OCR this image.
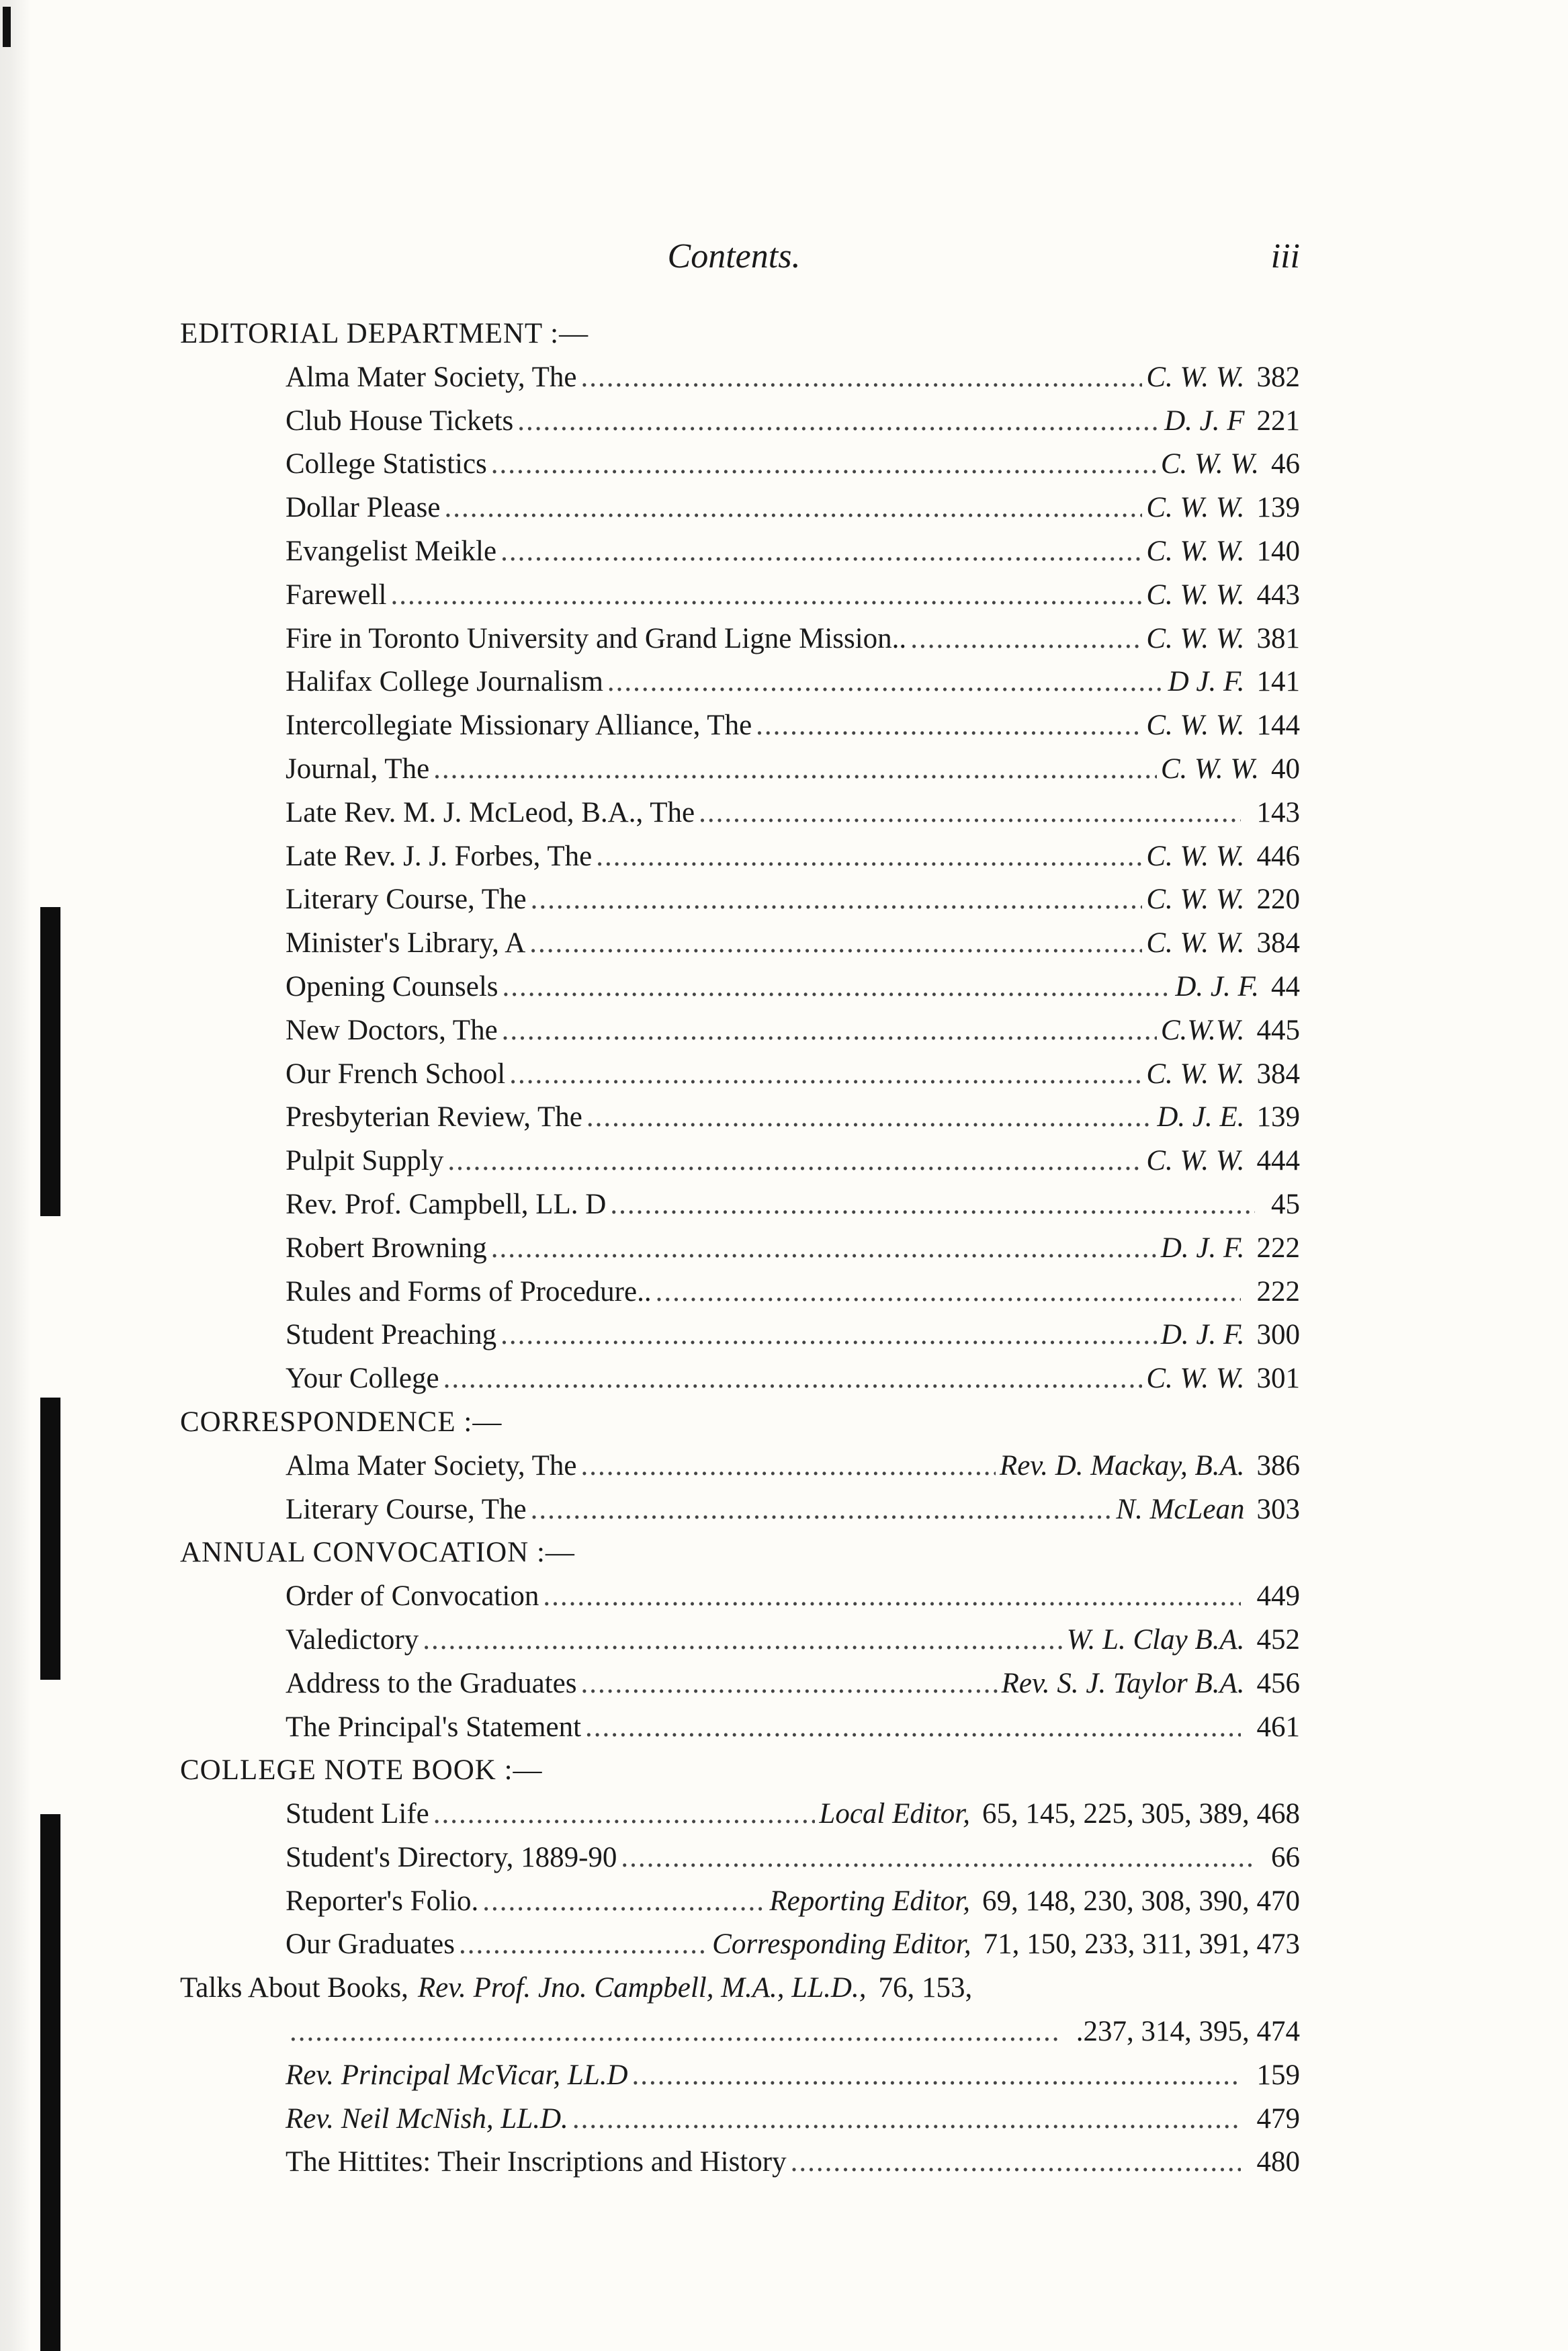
Contents.	iii
EDITORIAL DEPARTMENT :—
Alma Mater Society, The .....	C. W. W. 382
Club House Tickets .....	D. J. F 221
College Statistics .....	C. W. W. 46
Dollar Please .....	C. W. W. 139
Evangelist Meikle .....	C. W. W. 140
Farewell .....	C. W. W. 443
Fire in Toronto University and Grand Ligne Mission.. .....	C. W. W. 381
Halifax College Journalism .....	D J. F. 141
Intercollegiate Missionary Alliance, The .....	C. W. W. 144
Journal, The .....	C. W. W. 40
Late Rev. M. J. McLeod, B.A., The .....	143
Late Rev. J. J. Forbes, The .....	C. W. W. 446
Literary Course, The .....	C. W. W. 220
Minister's Library, A .....	C. W. W. 384
Opening Counsels .....	D. J. F. 44
New Doctors, The .....	C.W.W. 445
Our French School .....	C. W. W. 384
Presbyterian Review, The .....	D. J. E. 139
Pulpit Supply .....	C. W. W. 444
Rev. Prof. Campbell, LL. D .....	45
Robert Browning .....	D. J. F. 222
Rules and Forms of Procedure.. .....	222
Student Preaching .....	D. J. F. 300
Your College .....	C. W. W. 301
CORRESPONDENCE :—
Alma Mater Society, The .....	Rev. D. Mackay, B.A. 386
Literary Course, The .....	N. McLean 303
ANNUAL CONVOCATION :—
Order of Convocation .....	449
Valedictory .....	W. L. Clay B.A. 452
Address to the Graduates .....	Rev. S. J. Taylor B.A. 456
The Principal's Statement .....	461
COLLEGE NOTE BOOK :—
Student Life .....	Local Editor, 65, 145, 225, 305, 389, 468
Student's Directory, 1889-90 .....	66
Reporter's Folio. .....	Reporting Editor, 69, 148, 230, 308, 390, 470
Our Graduates .....	Corresponding Editor, 71, 150, 233, 311, 391, 473
Talks About Books, Rev. Prof. Jno. Campbell, M.A., LL.D., 76, 153,
.....
.237, 314, 395, 474
Rev. Principal McVicar, LL.D .....	159
Rev. Neil McNish, LL.D. .....	479
The Hittites: Their Inscriptions and History .....	480
